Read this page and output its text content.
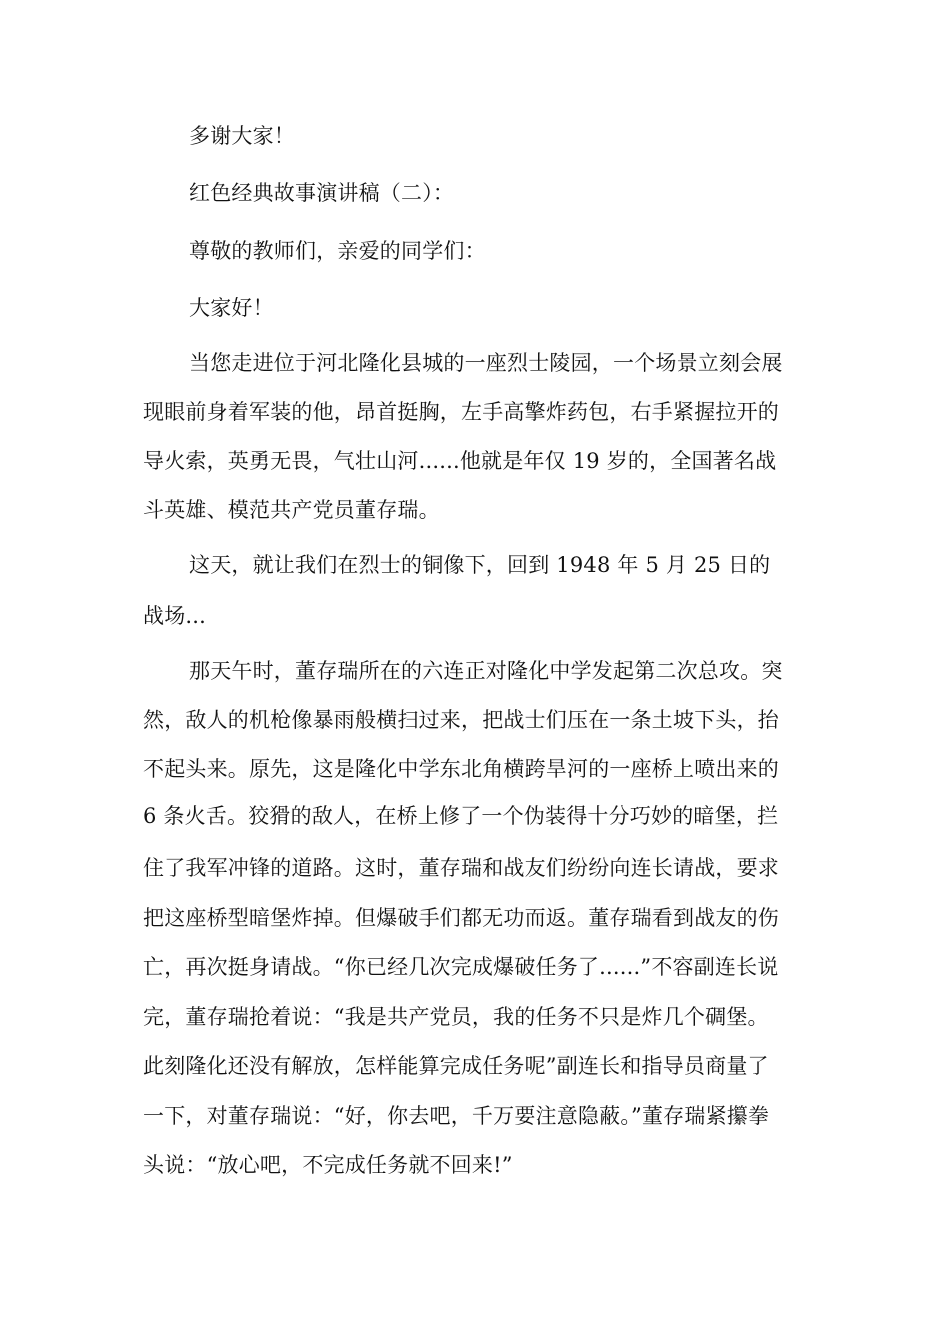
多谢大家！
红色经典故事演讲稿（二）：
尊敬的教师们，亲爱的同学们：
大家好！
当您走进位于河北隆化县城的一座烈士陵园，一个场景立刻会展
现眼前身着军装的他，昂首挺胸，左手高擎炸药包，右手紧握拉开的
导火索，英勇无畏，气壮山河......他就是年仅 19 岁的，全国著名战
斗英雄、模范共产党员董存瑞。
这天，就让我们在烈士的铜像下，回到 1948 年 5 月 25 日的
战场...
那天午时，董存瑞所在的六连正对隆化中学发起第二次总攻。突
然，敌人的机枪像暴雨般横扫过来，把战士们压在一条土坡下头，抬
不起头来。原先，这是隆化中学东北角横跨旱河的一座桥上喷出来的
6 条火舌。狡猾的敌人，在桥上修了一个伪装得十分巧妙的暗堡，拦
住了我军冲锋的道路。这时，董存瑞和战友们纷纷向连长请战，要求
把这座桥型暗堡炸掉。但爆破手们都无功而返。董存瑞看到战友的伤
亡，再次挺身请战。“你已经几次完成爆破任务了......”不容副连长说
完，董存瑞抢着说：“我是共产党员，我的任务不只是炸几个碉堡。
此刻隆化还没有解放，怎样能算完成任务呢”副连长和指导员商量了
一下，对董存瑞说：“好，你去吧，千万要注意隐蔽。”董存瑞紧攥拳
头说：“放心吧，不完成任务就不回来!”
